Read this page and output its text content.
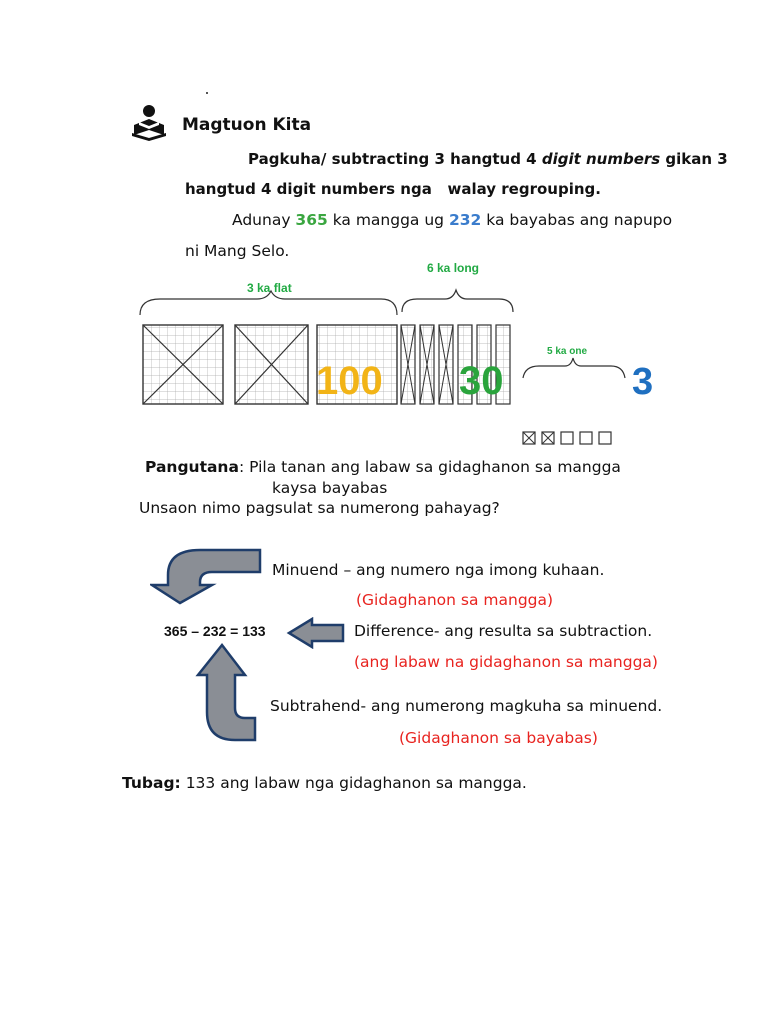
Magtuon Kita
Pagkuha/ subtracting 3 hangtud 4 digit numbers gikan 3
hangtud 4 digit numbers nga   walay regrouping.
Adunay 365 ka mangga ug 232 ka bayabas ang napupo
ni Mang Selo.
6 ka long
3 ka flat
5 ka one
100 30	3
Pangutana: Pila tanan ang labaw sa gidaghanon sa mangga
kaysa bayabas
Unsaon nimo pagsulat sa numerong pahayag?
365 – 232 = 133
Minuend – ang numero nga imong kuhaan.
(Gidaghanon sa mangga)
Difference- ang resulta sa subtraction.
(ang labaw na gidaghanon sa mangga)
Subtrahend- ang numerong magkuha sa minuend.
(Gidaghanon sa bayabas)
Tubag: 133 ang labaw nga gidaghanon sa mangga.
